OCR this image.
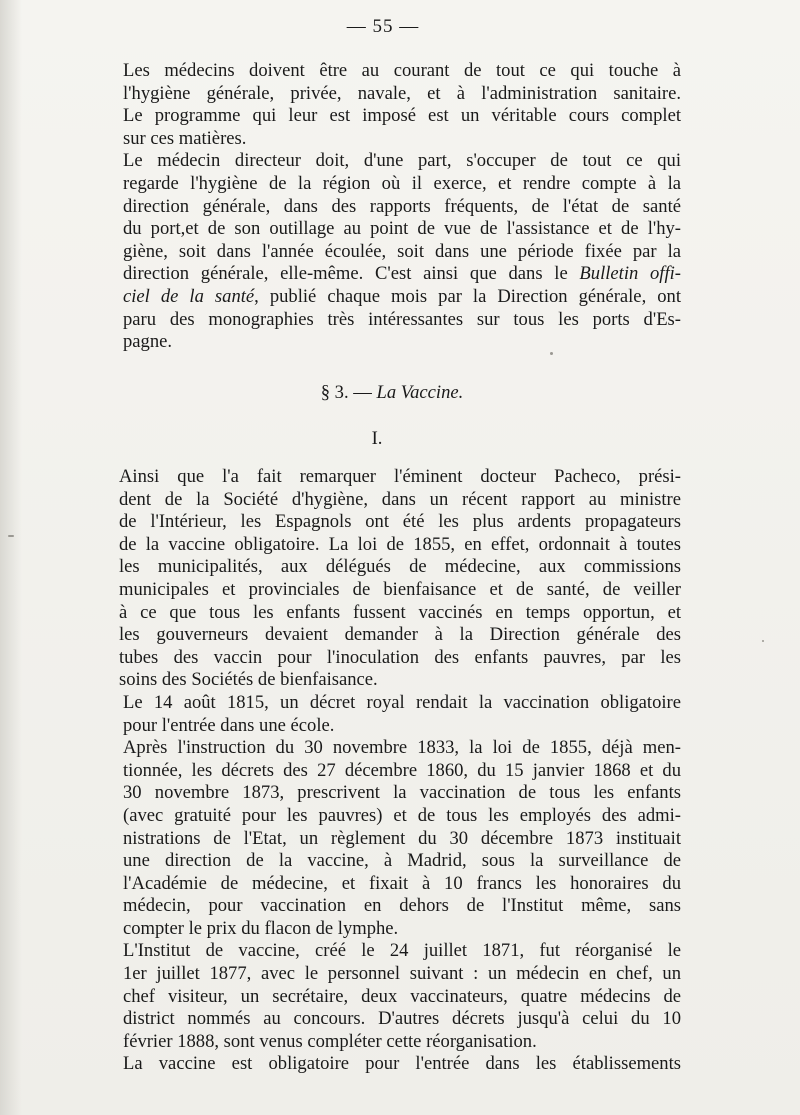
— 55 —

Les médecins doivent être au courant de tout ce qui touche à
l'hygiène générale, privée, navale, et à l'administration sanitaire.
Le programme qui leur est imposé est un véritable cours complet
sur ces matières.

Le médecin directeur doit, d'une part, s'occuper de tout ce qui
regarde l'hygiène de la région où il exerce, et rendre compte à la
direction générale, dans des rapports fréquents, de l'état de santé
du port,et de son outillage au point de vue de l'assistance et de l'hy-
giène, soit dans l'année écoulée, soit dans une période fixée par la
direction générale, elle-même. C'est ainsi que dans le Bulletin offi-
ciel de la santé, publié chaque mois par la Direction générale, ont
paru des monographies très intéressantes sur tous les ports d'Es-
pagne.

§ 3. — La Vaccine.
I.

Ainsi que l'a fait remarquer l'éminent docteur Pacheco, prési-
dent de la Société d'hygiène, dans un récent rapport au ministre
de l'Intérieur, les Espagnols ont été les plus ardents propagateurs
de la vaccine obligatoire. La loi de 1855, en effet, ordonnait à toutes
les municipalités, aux délégués de médecine, aux commissions
municipales et provinciales de bienfaisance et de santé, de veiller
à ce que tous les enfants fussent vaccinés en temps opportun, et
les gouverneurs devaient demander à la Direction générale des
tubes des vaccin pour l'inoculation des enfants pauvres, par les
soins des Sociétés de bienfaisance.

Le 14 août 1815, un décret royal rendait la vaccination obligatoire
pour l'entrée dans une école.

Après l'instruction du 30 novembre 1833, la loi de 1855, déjà men-
tionnée, les décrets des 27 décembre 1860, du 15 janvier 1868 et du
30 novembre 1873, prescrivent la vaccination de tous les enfants
(avec gratuité pour les pauvres) et de tous les employés des admi-
nistrations de l'Etat, un règlement du 30 décembre 1873 instituait
une direction de la vaccine, à Madrid, sous la surveillance de
l'Académie de médecine, et fixait à 10 francs les honoraires du
médecin, pour vaccination en dehors de l'Institut même, sans
compter le prix du flacon de lymphe.

L'Institut de vaccine, créé le 24 juillet 1871, fut réorganisé le
1er juillet 1877, avec le personnel suivant : un médecin en chef, un
chef visiteur, un secrétaire, deux vaccinateurs, quatre médecins de
district nommés au concours. D'autres décrets jusqu'à celui du 10
février 1888, sont venus compléter cette réorganisation.

La vaccine est obligatoire pour l'entrée dans les établissements
